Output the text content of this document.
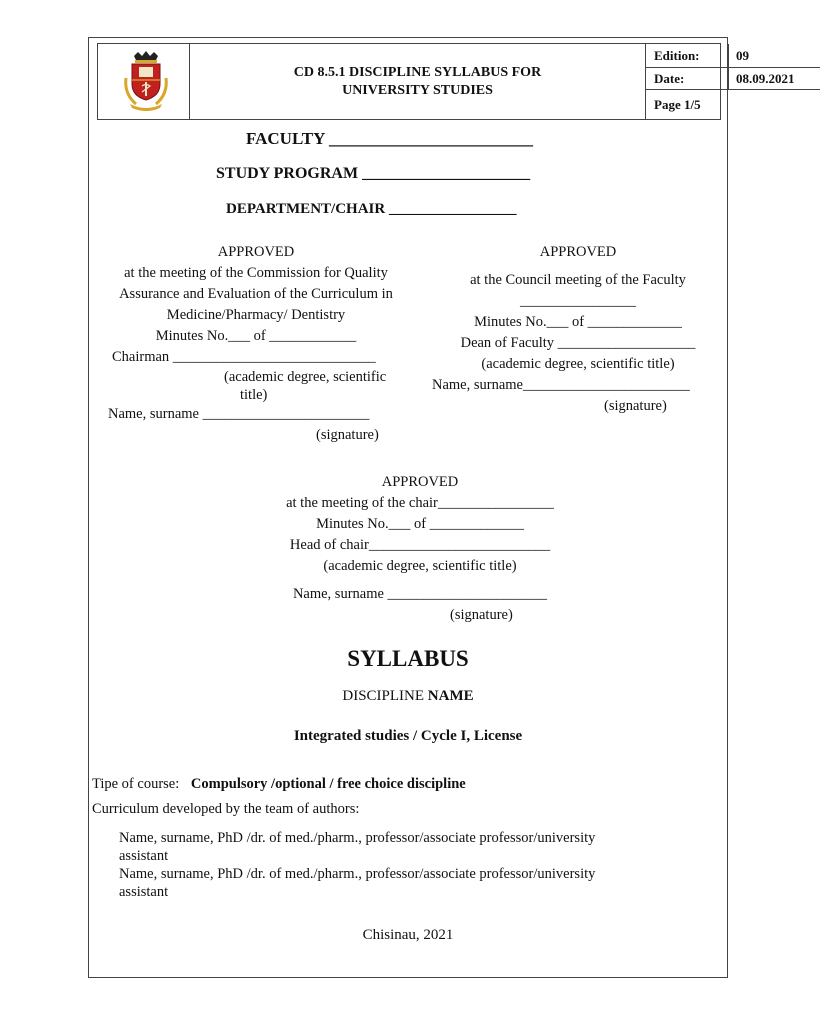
CD 8.5.1 DISCIPLINE SYLLABUS FOR
UNIVERSITY STUDIES
Edition:	09
Date:	08.09.2021
Page 1/5
FACULTY ________________________
STUDY PROGRAM _____________________
DEPARTMENT/CHAIR _________________
APPROVED
at the meeting of the Commission for Quality
Assurance and Evaluation of the Curriculum in
Medicine/Pharmacy/ Dentistry
Minutes No.___ of ____________
Chairman ____________________________
(academic degree, scientific
title)
Name, surname _______________________
(signature)
APPROVED
at the Council meeting of the Faculty
________________
Minutes No.___ of _____________
Dean of Faculty ___________________
(academic degree, scientific title)
Name, surname_______________________
(signature)
APPROVED
at the meeting of the chair________________
Minutes No.___ of _____________
Head of chair_________________________
(academic degree, scientific title)
Name, surname ______________________
(signature)
SYLLABUS
DISCIPLINE NAME
Integrated studies / Cycle I, License
Tipe of course: Compulsory /optional / free choice discipline
Curriculum developed by the team of authors:
Name, surname, PhD /dr. of med./pharm., professor/associate professor/university
assistant
Name, surname, PhD /dr. of med./pharm., professor/associate professor/university
assistant
Chisinau, 2021
